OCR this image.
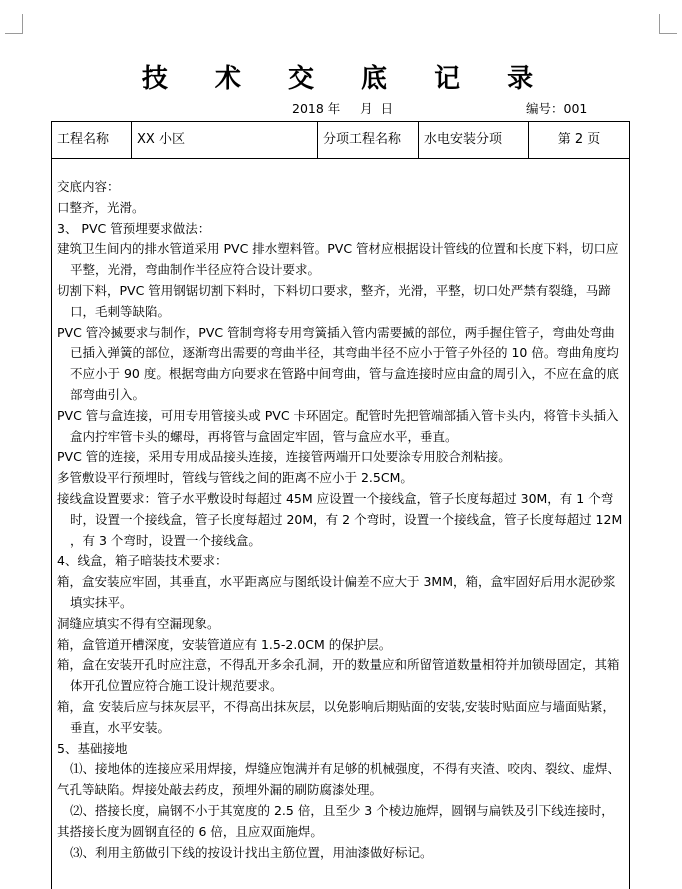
技 术 交 底 记 录
2018 年     月  日	编号：001
工程名称	XX 小区	分项工程名称	水电安装分项	第 2 页

交底内容：

口整齐，光滑。

3、 PVC 管预埋要求做法：

建筑卫生间内的排水管道采用 PVC 排水塑料管。PVC 管材应根据设计管线的位置和长度下料，切口应平整，光滑，弯曲制作半径应符合设计要求。

切割下料，PVC 管用钢锯切割下料时，下料切口要求，整齐，光滑，平整，切口处严禁有裂缝，马蹄口，毛刺等缺陷。

PVC 管冷揻要求与制作，PVC 管制弯将专用弯簧插入管内需要揻的部位，两手握住管子，弯曲处弯曲已插入弹簧的部位，逐渐弯出需要的弯曲半径，其弯曲半径不应小于管子外径的 10 倍。弯曲角度均不应小于 90 度。根据弯曲方向要求在管路中间弯曲，管与盒连接时应由盒的周引入，不应在盒的底部弯曲引入。

PVC 管与盒连接，可用专用管接头或 PVC 卡环固定。配管时先把管端部插入管卡头内，将管卡头插入盒内拧牢管卡头的螺母，再将管与盒固定牢固，管与盒应水平，垂直。

PVC 管的连接，采用专用成品接头连接，连接管两端开口处要涂专用胶合剂粘接。

多管敷设平行预埋时，管线与管线之间的距离不应小于 2.5CM。

接线盒设置要求：管子水平敷设时每超过 45M 应设置一个接线盒，管子长度每超过 30M，有 1 个弯时，设置一个接线盒，管子长度每超过 20M，有 2 个弯时，设置一个接线盒，管子长度每超过 12M ，有 3 个弯时，设置一个接线盒。

4、线盒，箱子暗装技术要求：

箱，盒安装应牢固，其垂直，水平距离应与图纸设计偏差不应大于 3MM，箱，盒牢固好后用水泥砂浆填实抹平。

洞缝应填实不得有空漏现象。

箱，盒管道开槽深度，安装管道应有 1.5-2.0CM 的保护层。

箱，盒在安装开孔时应注意，不得乱开多余孔洞，开的数量应和所留管道数量相符并加锁母固定，其箱体开孔位置应符合施工设计规范要求。

箱，盒 安装后应与抹灰层平，不得高出抹灰层，以免影响后期贴面的安装,安装时贴面应与墙面贴紧，垂直，水平安装。

5、基础接地

⑴、接地体的连接应采用焊接，焊缝应饱满并有足够的机械强度，不得有夹渣、咬肉、裂纹、虚焊、气孔等缺陷。焊接处敲去药皮，预埋外漏的刷防腐漆处理。

⑵、搭接长度，扁钢不小于其宽度的 2.5 倍，且至少 3 个棱边施焊，圆钢与扁铁及引下线连接时，其搭接长度为圆钢直径的 6 倍，且应双面施焊。

⑶、利用主筋做引下线的按设计找出主筋位置，用油漆做好标记。
